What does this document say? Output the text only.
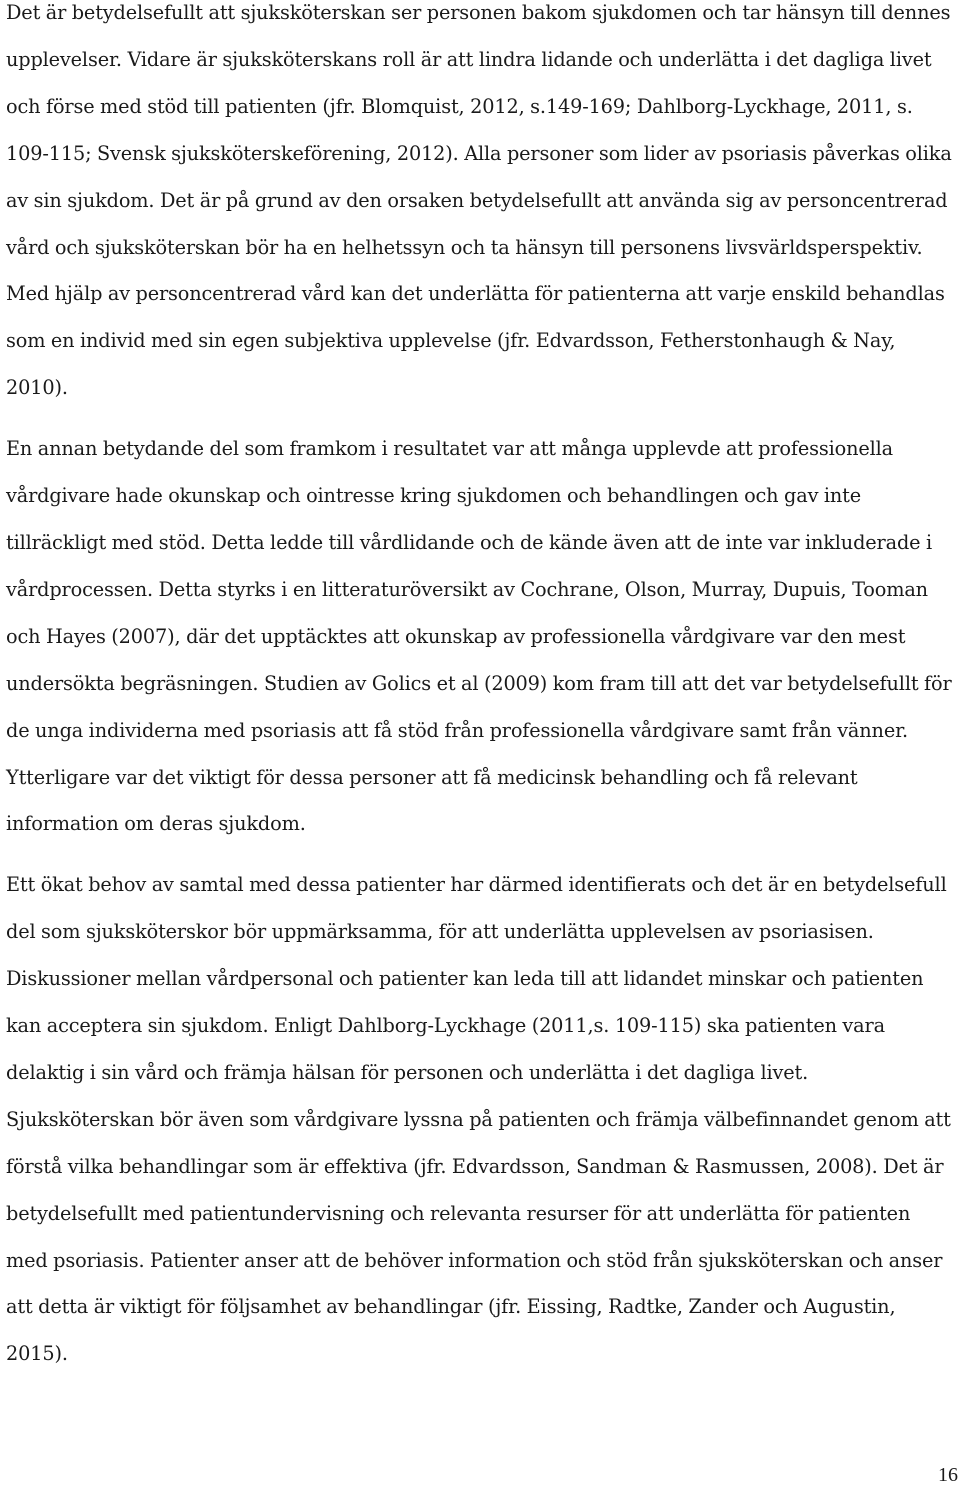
Det är betydelsefullt att sjuksköterskan ser personen bakom sjukdomen och tar hänsyn till dennes upplevelser. Vidare är sjuksköterskans roll är att lindra lidande och underlätta i det dagliga livet och förse med stöd till patienten (jfr. Blomquist, 2012, s.149-169; Dahlborg-Lyckhage, 2011, s. 109-115; Svensk sjuksköterskeförening, 2012). Alla personer som lider av psoriasis påverkas olika av sin sjukdom. Det är på grund av den orsaken betydelsefullt att använda sig av personcentrerad vård och sjuksköterskan bör ha en helhetssyn och ta hänsyn till personens livsvärldsperspektiv. Med hjälp av personcentrerad vård kan det underlätta för patienterna att varje enskild behandlas som en individ med sin egen subjektiva upplevelse (jfr. Edvardsson, Fetherstonhaugh & Nay, 2010).

En annan betydande del som framkom i resultatet var att många upplevde att professionella vårdgivare hade okunskap och ointresse kring sjukdomen och behandlingen och gav inte tillräckligt med stöd. Detta ledde till vårdlidande och de kände även att de inte var inkluderade i vårdprocessen. Detta styrks i en litteraturöversikt av Cochrane, Olson, Murray, Dupuis, Tooman och Hayes (2007), där det upptäcktes att okunskap av professionella vårdgivare var den mest undersökta begräsningen. Studien av Golics et al (2009) kom fram till att det var betydelsefullt för de unga individerna med psoriasis att få stöd från professionella vårdgivare samt från vänner. Ytterligare var det viktigt för dessa personer att få medicinsk behandling och få relevant information om deras sjukdom.

Ett ökat behov av samtal med dessa patienter har därmed identifierats och det är en betydelsefull del som sjuksköterskor bör uppmärksamma, för att underlätta upplevelsen av psoriasisen. Diskussioner mellan vårdpersonal och patienter kan leda till att lidandet minskar och patienten kan acceptera sin sjukdom. Enligt Dahlborg-Lyckhage (2011,s. 109-115) ska patienten vara delaktig i sin vård och främja hälsan för personen och underlätta i det dagliga livet. Sjuksköterskan bör även som vårdgivare lyssna på patienten och främja välbefinnandet genom att förstå vilka behandlingar som är effektiva (jfr. Edvardsson, Sandman & Rasmussen, 2008). Det är betydelsefullt med patientundervisning och relevanta resurser för att underlätta för patienten med psoriasis. Patienter anser att de behöver information och stöd från sjuksköterskan och anser att detta är viktigt för följsamhet av behandlingar (jfr. Eissing, Radtke, Zander och Augustin, 2015).

16
